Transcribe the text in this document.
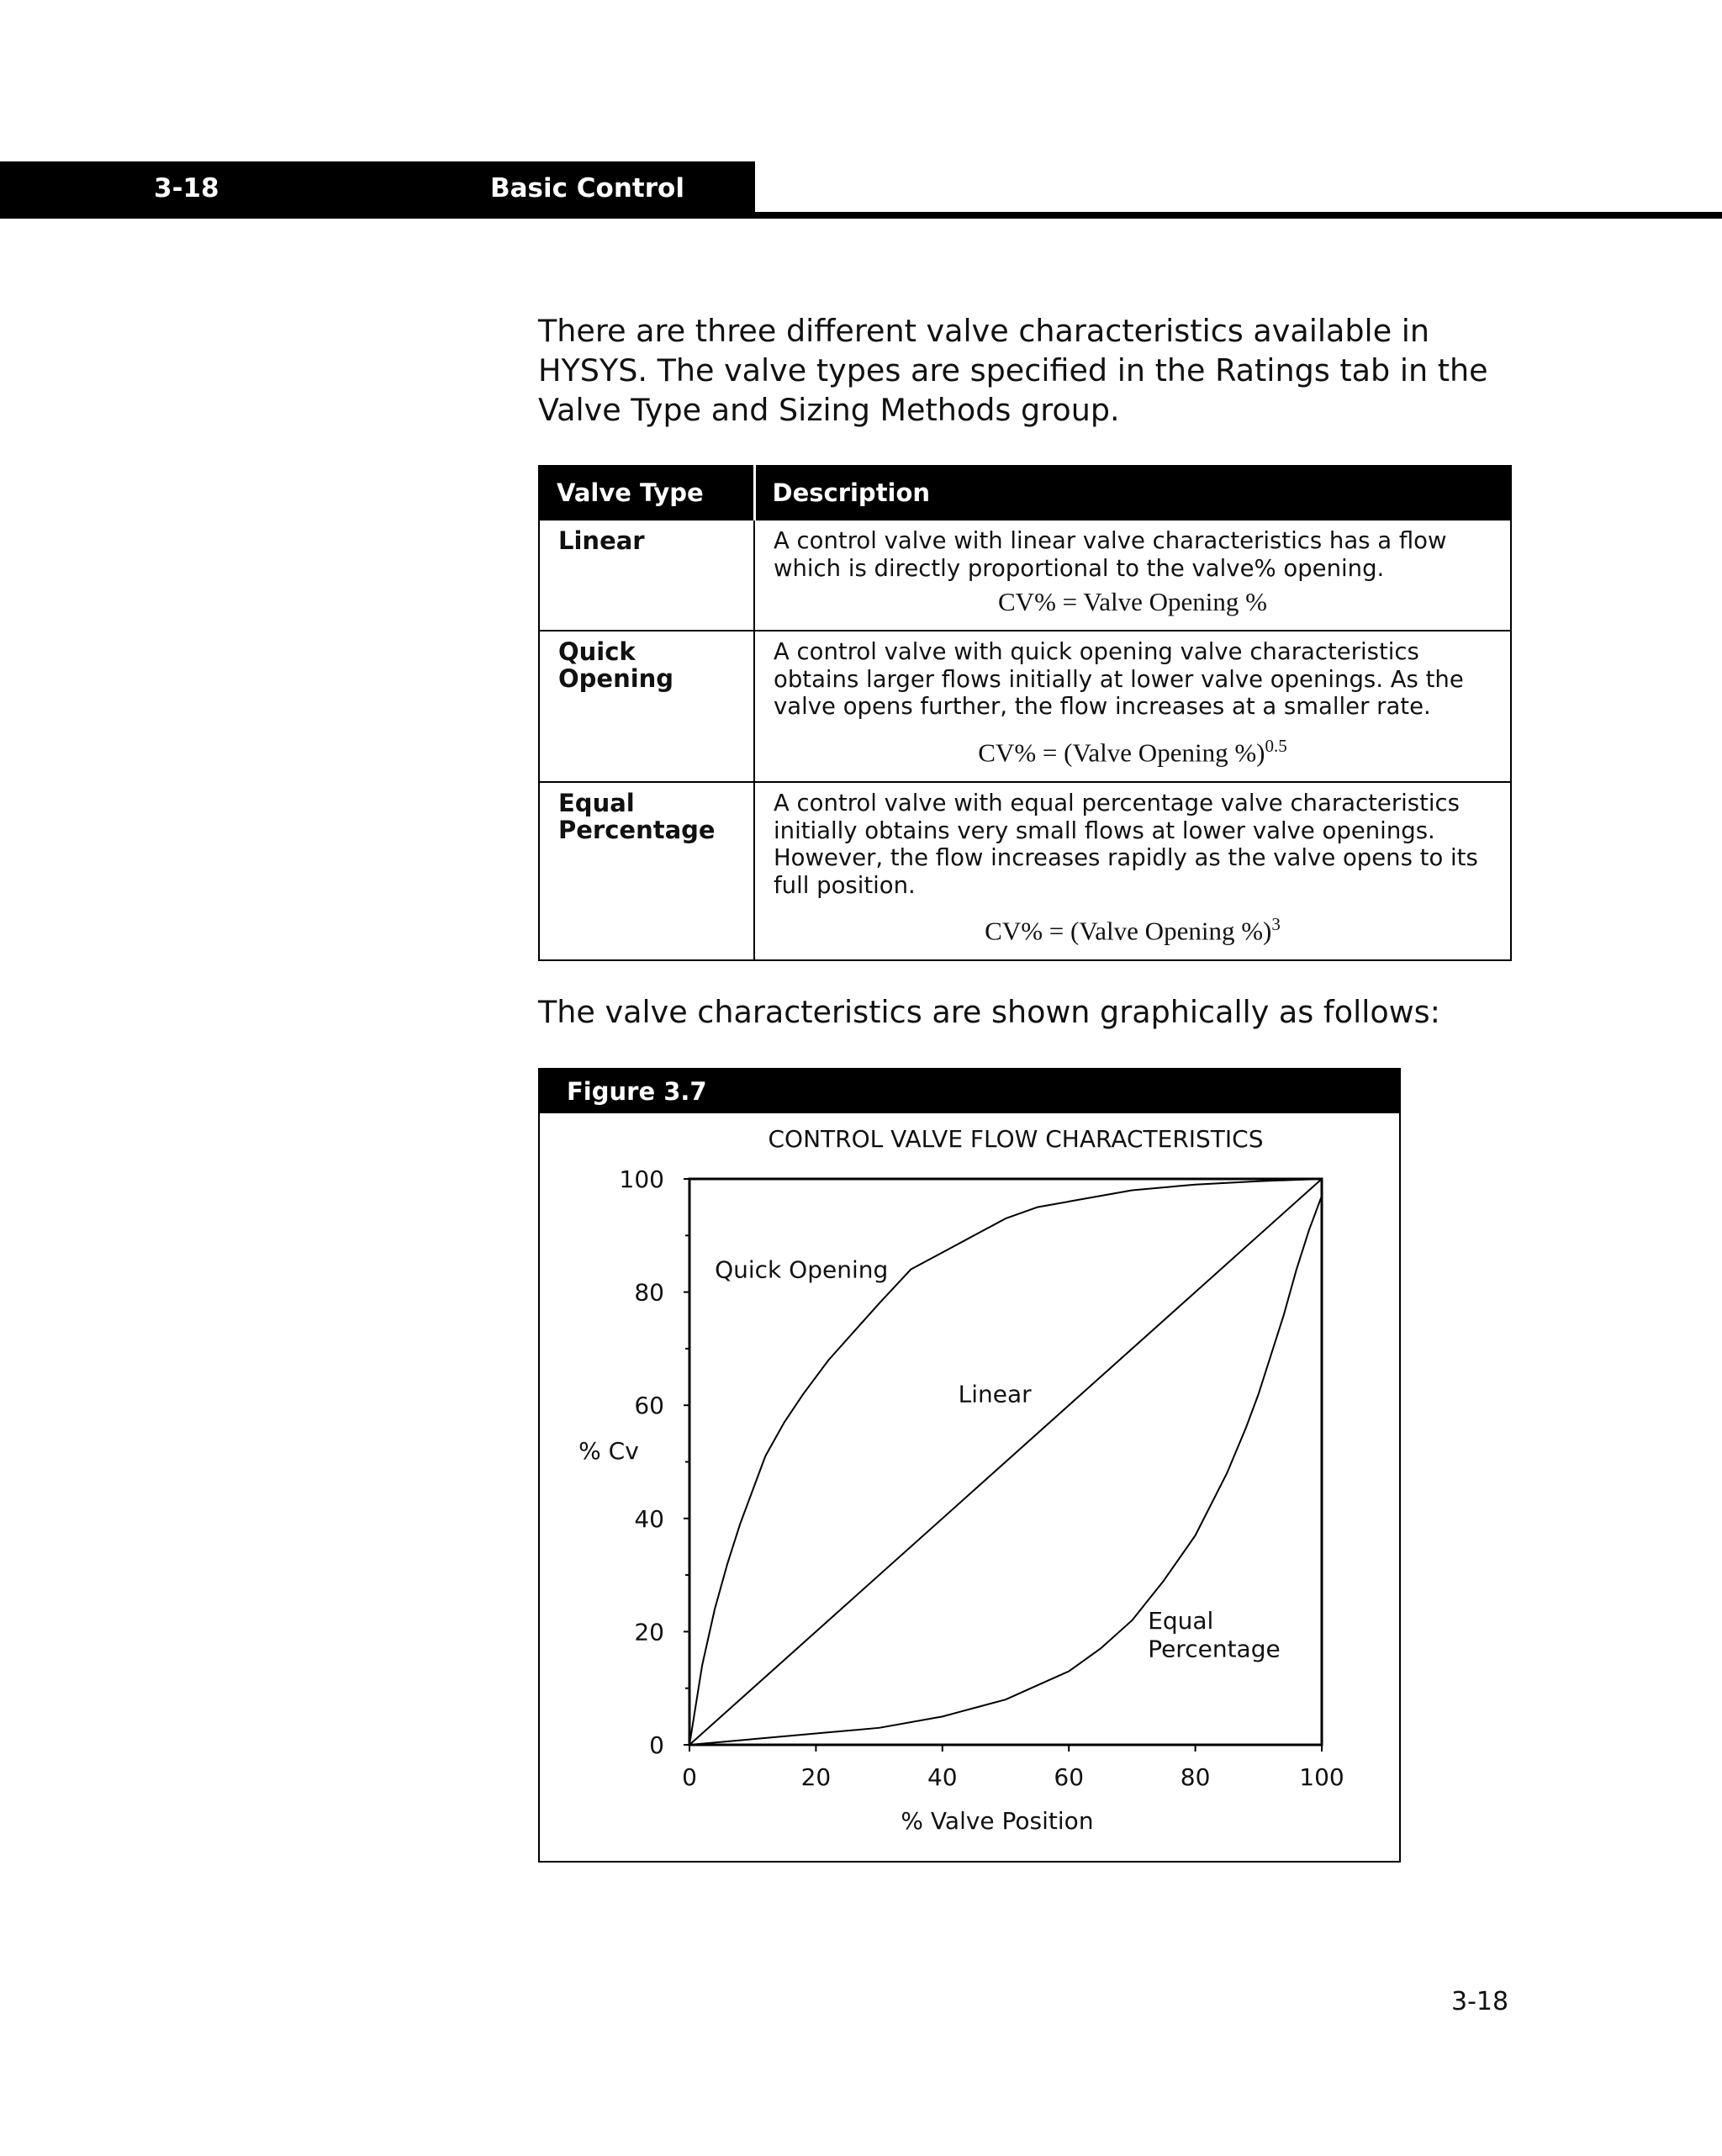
3-18	Basic Control

There are three different valve characteristics available in HYSYS. The valve types are specified in the Ratings tab in the Valve Type and Sizing Methods group.

Valve Type	Description
Linear	A control valve with linear valve characteristics has a flow which is directly proportional to the valve% opening.
CV% = Valve Opening %

Quick Opening	A control valve with quick opening valve characteristics obtains larger flows initially at lower valve openings. As the valve opens further, the flow increases at a smaller rate.
CV% = (Valve Opening %)$^{0.5}$

Equal Percentage	A control valve with equal percentage valve characteristics initially obtains very small flows at lower valve openings. However, the flow increases rapidly as the valve opens to its full position.
CV% = (Valve Opening %)$^3$
The valve characteristics are shown graphically as follows:
Figure 3.7
CONTROL VALVE FLOW CHARACTERISTICS
0
20
40
60
80
100
0	20	40	60	80	100
% Valve Position
% Cv
Quick Opening
Linear
Equal
Percentage
3-18
